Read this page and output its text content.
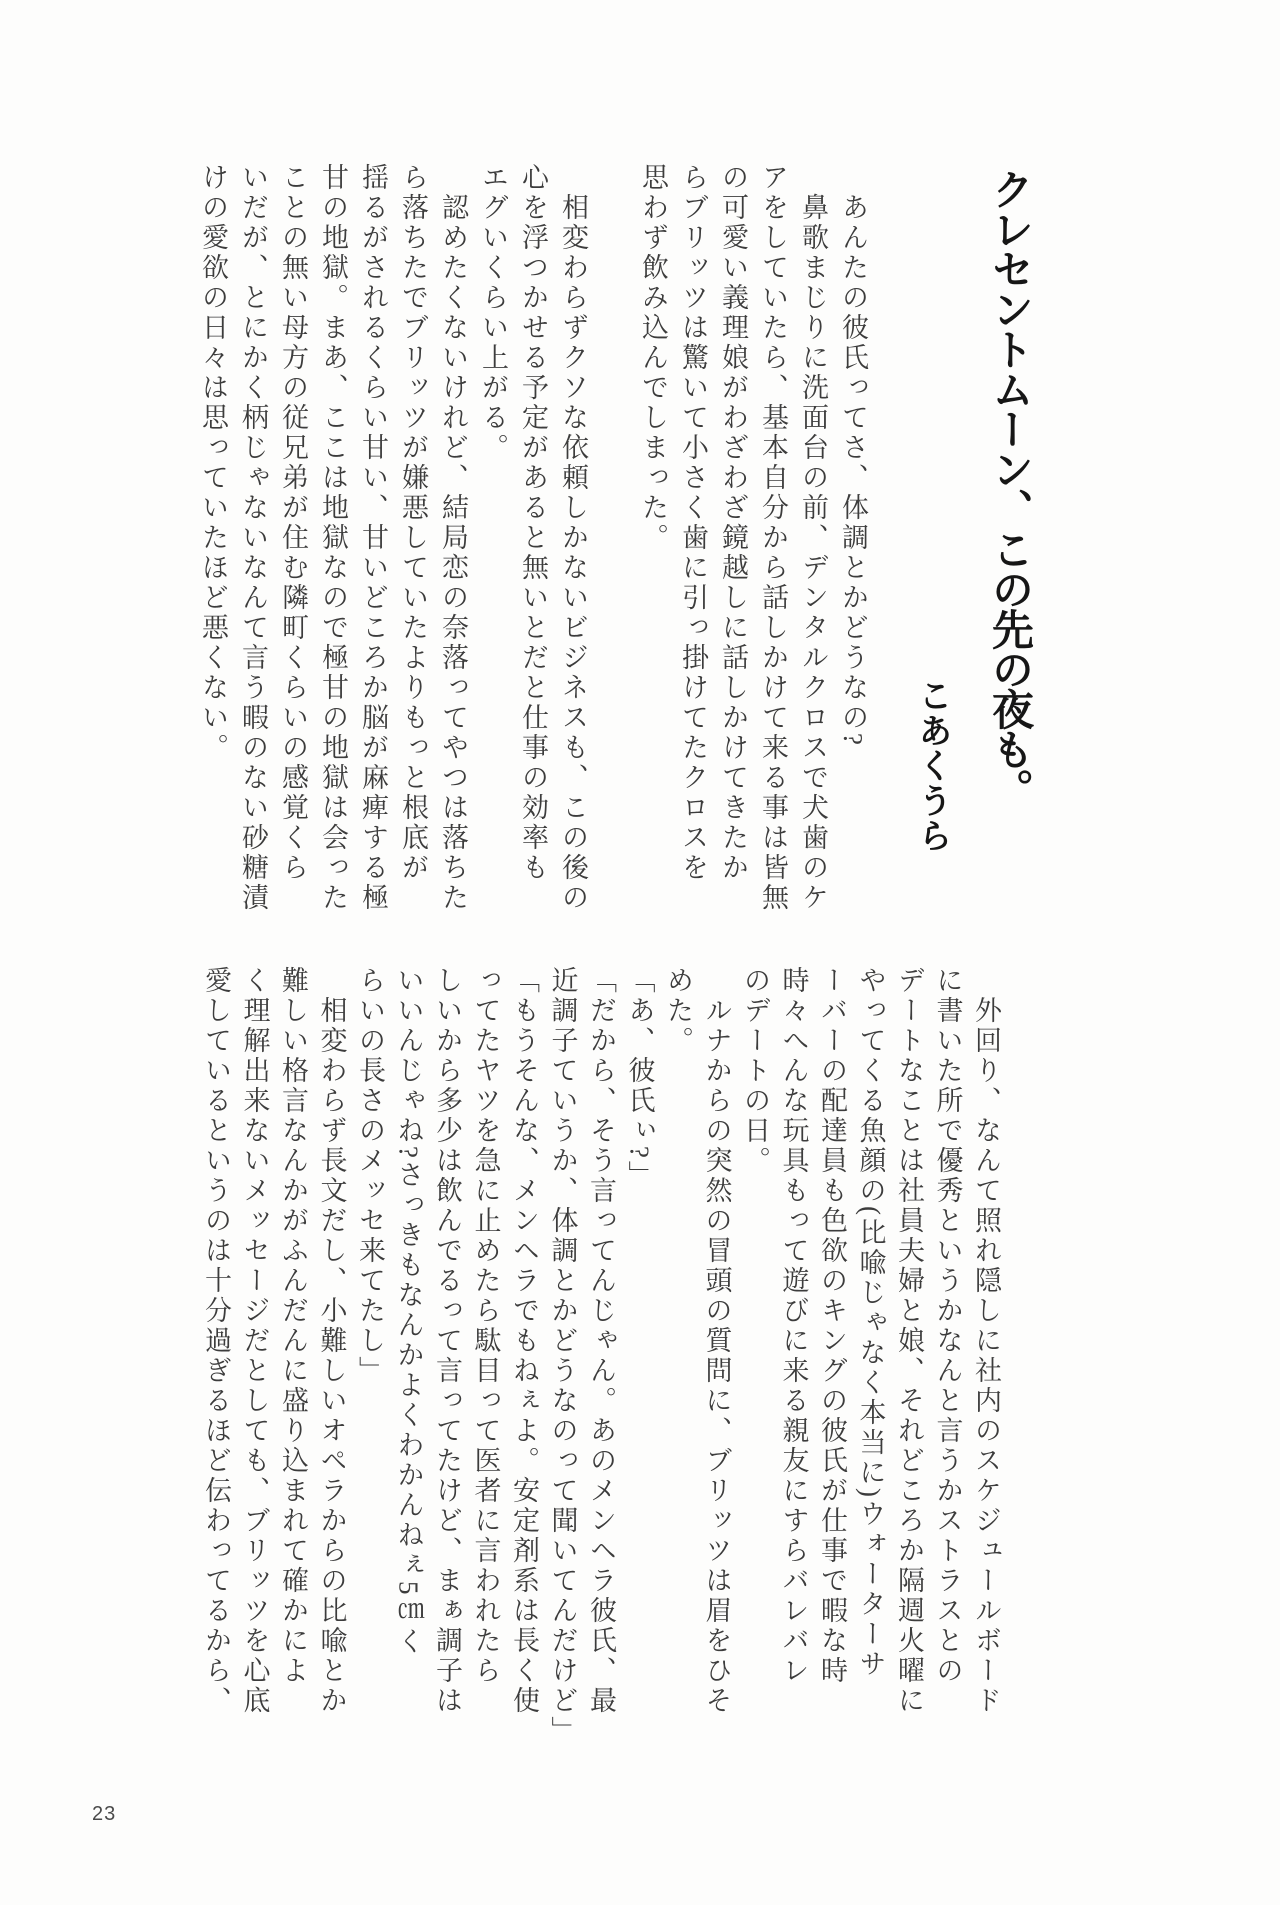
クレセントムーン、この先の夜も。
こあくうら
　あんたの彼氏ってさ、体調とかどうなの?
　鼻歌まじりに洗面台の前、デンタルクロスで犬歯のケ
アをしていたら、基本自分から話しかけて来る事は皆無
の可愛い義理娘がわざわざ鏡越しに話しかけてきたか
らブリッツは驚いて小さく歯に引っ掛けてたクロスを
思わず飲み込んでしまった。
　相変わらずクソな依頼しかないビジネスも、この後の
心を浮つかせる予定があると無いとだと仕事の効率も
エグいくらい上がる。
　認めたくないけれど、結局恋の奈落ってやつは落ちた
ら落ちたでブリッツが嫌悪していたよりもっと根底が
揺るがされるくらい甘い、甘いどころか脳が麻痺する極
甘の地獄。まあ、ここは地獄なので極甘の地獄は会った
ことの無い母方の従兄弟が住む隣町くらいの感覚くら
いだが、とにかく柄じゃないなんて言う暇のない砂糖漬
けの愛欲の日々は思っていたほど悪くない。
　外回り、なんて照れ隠しに社内のスケジュールボード
に書いた所で優秀というかなんと言うかストラスとの
デートなことは社員夫婦と娘、それどころか隔週火曜に
やってくる魚顔の(比喩じゃなく本当に)ウォーターサ
ーバーの配達員も色欲のキングの彼氏が仕事で暇な時
時々へんな玩具もって遊びに来る親友にすらバレバレ
のデートの日。
　ルナからの突然の冒頭の質問に、ブリッツは眉をひそ
めた。
「あ、彼氏ぃ?」
「だから、そう言ってんじゃん。あのメンヘラ彼氏、最
近調子ていうか、体調とかどうなのって聞いてんだけど」
「もうそんな、メンヘラでもねぇよ。安定剤系は長く使
ってたヤツを急に止めたら駄目って医者に言われたら
しいから多少は飲んでるって言ってたけど、まぁ調子は
いいんじゃね?さっきもなんかよくわかんねぇ5㎝く
らいの長さのメッセ来てたし」
　相変わらず長文だし、小難しいオペラからの比喩とか
難しい格言なんかがふんだんに盛り込まれて確かによ
く理解出来ないメッセージだとしても、ブリッツを心底
愛しているというのは十分過ぎるほど伝わってるから、
23
